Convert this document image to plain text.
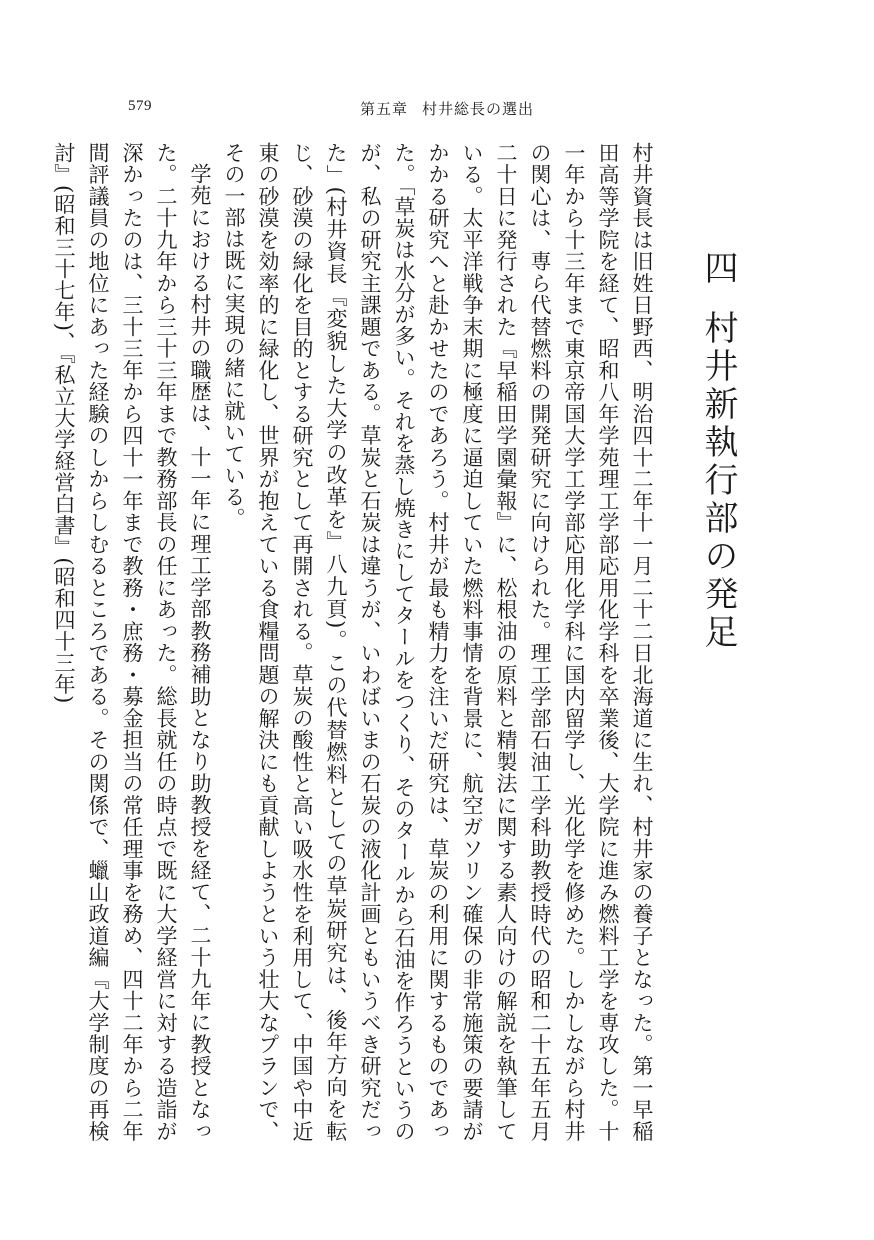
579	第五章 村井総長の選出
四村井新執行部の発足

村井資長は旧姓日野西、明治四十二年十一月二十二日北海道に生れ、村井家の養子となった。第一早稲田高等学院を経て、昭和八年学苑理工学部応用化学科を卒業後、大学院に進み燃料工学を専攻した。十一年から十三年まで東京帝国大学工学部応用化学科に国内留学し、光化学を修めた。しかしながら村井の関心は、専ら代替燃料の開発研究に向けられた。理工学部石油工学科助教授時代の昭和二十五年五月二十日に発行された『早稲田学園彙報』に、松根油の原料と精製法に関する素人向けの解説を執筆している。太平洋戦争末期に極度に逼迫していた燃料事情を背景に、航空ガソリン確保の非常施策の要請がかかる研究へと赴かせたのであろう。村井が最も精力を注いだ研究は、草炭の利用に関するものであった。「草炭は水分が多い。それを蒸し焼きにしてタールをつくり、そのタールから石油を作ろうというのが、私の研究主課題である。草炭と石炭は違うが、いわばいまの石炭の液化計画ともいうべき研究だった」(村井資長『変貌した大学の改革を』八九頁)。この代替燃料としての草炭研究は、後年方向を転じ、砂漠の緑化を目的とする研究として再開される。草炭の酸性と高い吸水性を利用して、中国や中近東の砂漠を効率的に緑化し、世界が抱えている食糧問題の解決にも貢献しようという壮大なプランで、その一部は既に実現の緒に就いている。

学苑における村井の職歴は、十一年に理工学部教務補助となり助教授を経て、二十九年に教授となった。二十九年から三十三年まで教務部長の任にあった。総長就任の時点で既に大学経営に対する造詣が深かったのは、三十三年から四十一年まで教務・庶務・募金担当の常任理事を務め、四十二年から二年間評議員の地位にあった経験のしからしむるところである。その関係で、蠟山政道編『大学制度の再検討』(昭和三十七年)、『私立大学経営白書』(昭和四十三年)
